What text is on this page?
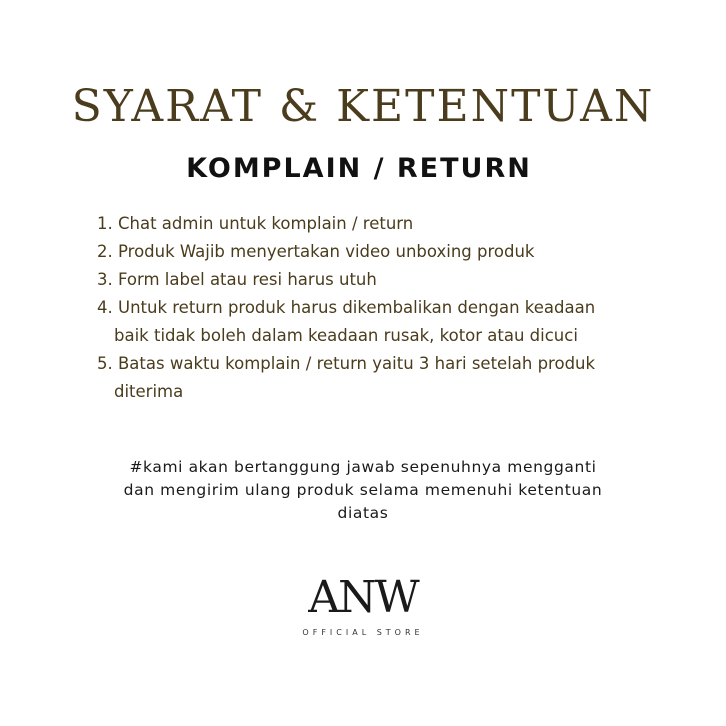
SYARAT & KETENTUAN
KOMPLAIN / RETURN
1. Chat admin untuk komplain / return
2. Produk Wajib menyertakan video unboxing produk
3. Form label atau resi harus utuh
4. Untuk return produk harus dikembalikan dengan keadaan
baik tidak boleh dalam keadaan rusak, kotor atau dicuci
5. Batas waktu komplain / return yaitu 3 hari setelah produk
diterima
#kami akan bertanggung jawab sepenuhnya mengganti
dan mengirim ulang produk selama memenuhi ketentuan
diatas
ANW
OFFICIAL STORE
